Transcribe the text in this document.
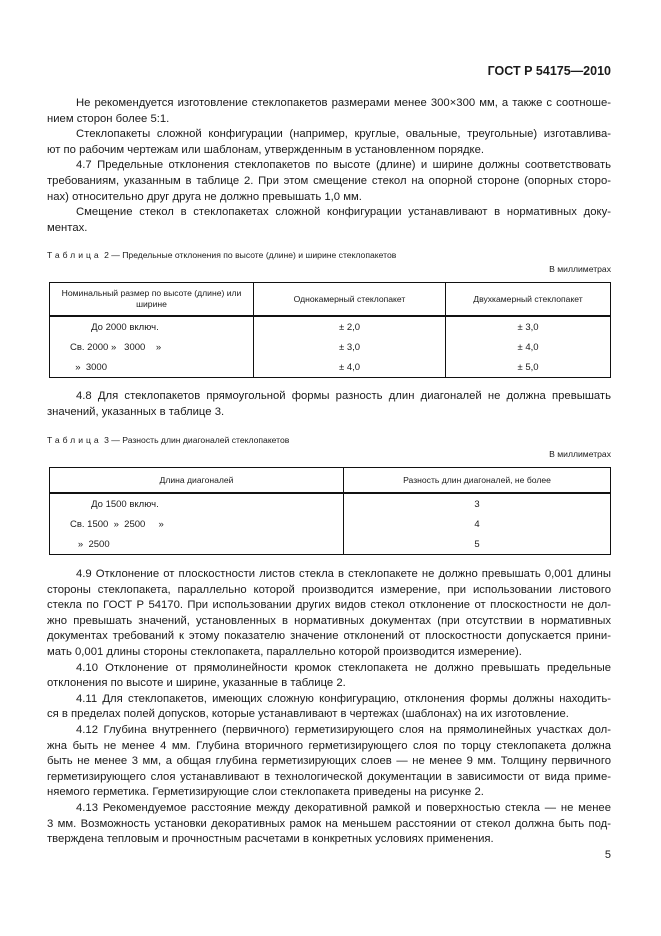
ГОСТ Р 54175—2010
Не рекомендуется изготовление стеклопакетов размерами менее 300×300 мм, а также с соотноше-
нием сторон более 5:1.
Стеклопакеты сложной конфигурации (например, круглые, овальные, треугольные) изготавлива-
ют по рабочим чертежам или шаблонам, утвержденным в установленном порядке.
4.7 Предельные отклонения стеклопакетов по высоте (длине) и ширине должны соответствовать
требованиям, указанным в таблице 2. При этом смещение стекол на опорной стороне (опорных сторо-
нах) относительно друг друга не должно превышать 1,0 мм.
Смещение стекол в стеклопакетах сложной конфигурации устанавливают в нормативных доку-
ментах.
Таблица 2 — Предельные отклонения по высоте (длине) и ширине стеклопакетов
В миллиметрах
Номинальный размер по высоте (длине) или ширине	Однокамерный стеклопакет	Двухкамерный стеклопакет
До 2000 включ.	± 2,0	± 3,0
Св. 2000 »   3000    »	± 3,0	± 4,0
»  3000	± 4,0	± 5,0
4.8 Для стеклопакетов прямоугольной формы разность длин диагоналей не должна превышать
значений, указанных в таблице 3.
Таблица 3 — Разность длин диагоналей стеклопакетов
В миллиметрах
Длина диагоналей	Разность длин диагоналей, не более
До 1500 включ.	3
Св. 1500  »  2500     »	4
»  2500	5
4.9 Отклонение от плоскостности листов стекла в стеклопакете не должно превышать 0,001 длины
стороны стеклопакета, параллельно которой производится измерение, при использовании листового
стекла по ГОСТ Р 54170. При использовании других видов стекол отклонение от плоскостности не дол-
жно превышать значений, установленных в нормативных документах (при отсутствии в нормативных
документах требований к этому показателю значение отклонений от плоскостности допускается прини-
мать 0,001 длины стороны стеклопакета, параллельно которой производится измерение).
4.10 Отклонение от прямолинейности кромок стеклопакета не должно превышать предельные
отклонения по высоте и ширине, указанные в таблице 2.
4.11 Для стеклопакетов, имеющих сложную конфигурацию, отклонения формы должны находить-
ся в пределах полей допусков, которые устанавливают в чертежах (шаблонах) на их изготовление.
4.12 Глубина внутреннего (первичного) герметизирующего слоя на прямолинейных участках дол-
жна быть не менее 4 мм. Глубина вторичного герметизирующего слоя по торцу стеклопакета должна
быть не менее 3 мм, а общая глубина герметизирующих слоев — не менее 9 мм. Толщину первичного
герметизирующего слоя устанавливают в технологической документации в зависимости от вида приме-
няемого герметика. Герметизирующие слои стеклопакета приведены на рисунке 2.
4.13 Рекомендуемое расстояние между декоративной рамкой и поверхностью стекла — не менее
3 мм. Возможность установки декоративных рамок на меньшем расстоянии от стекол должна быть под-
тверждена тепловым и прочностным расчетами в конкретных условиях применения.
5
